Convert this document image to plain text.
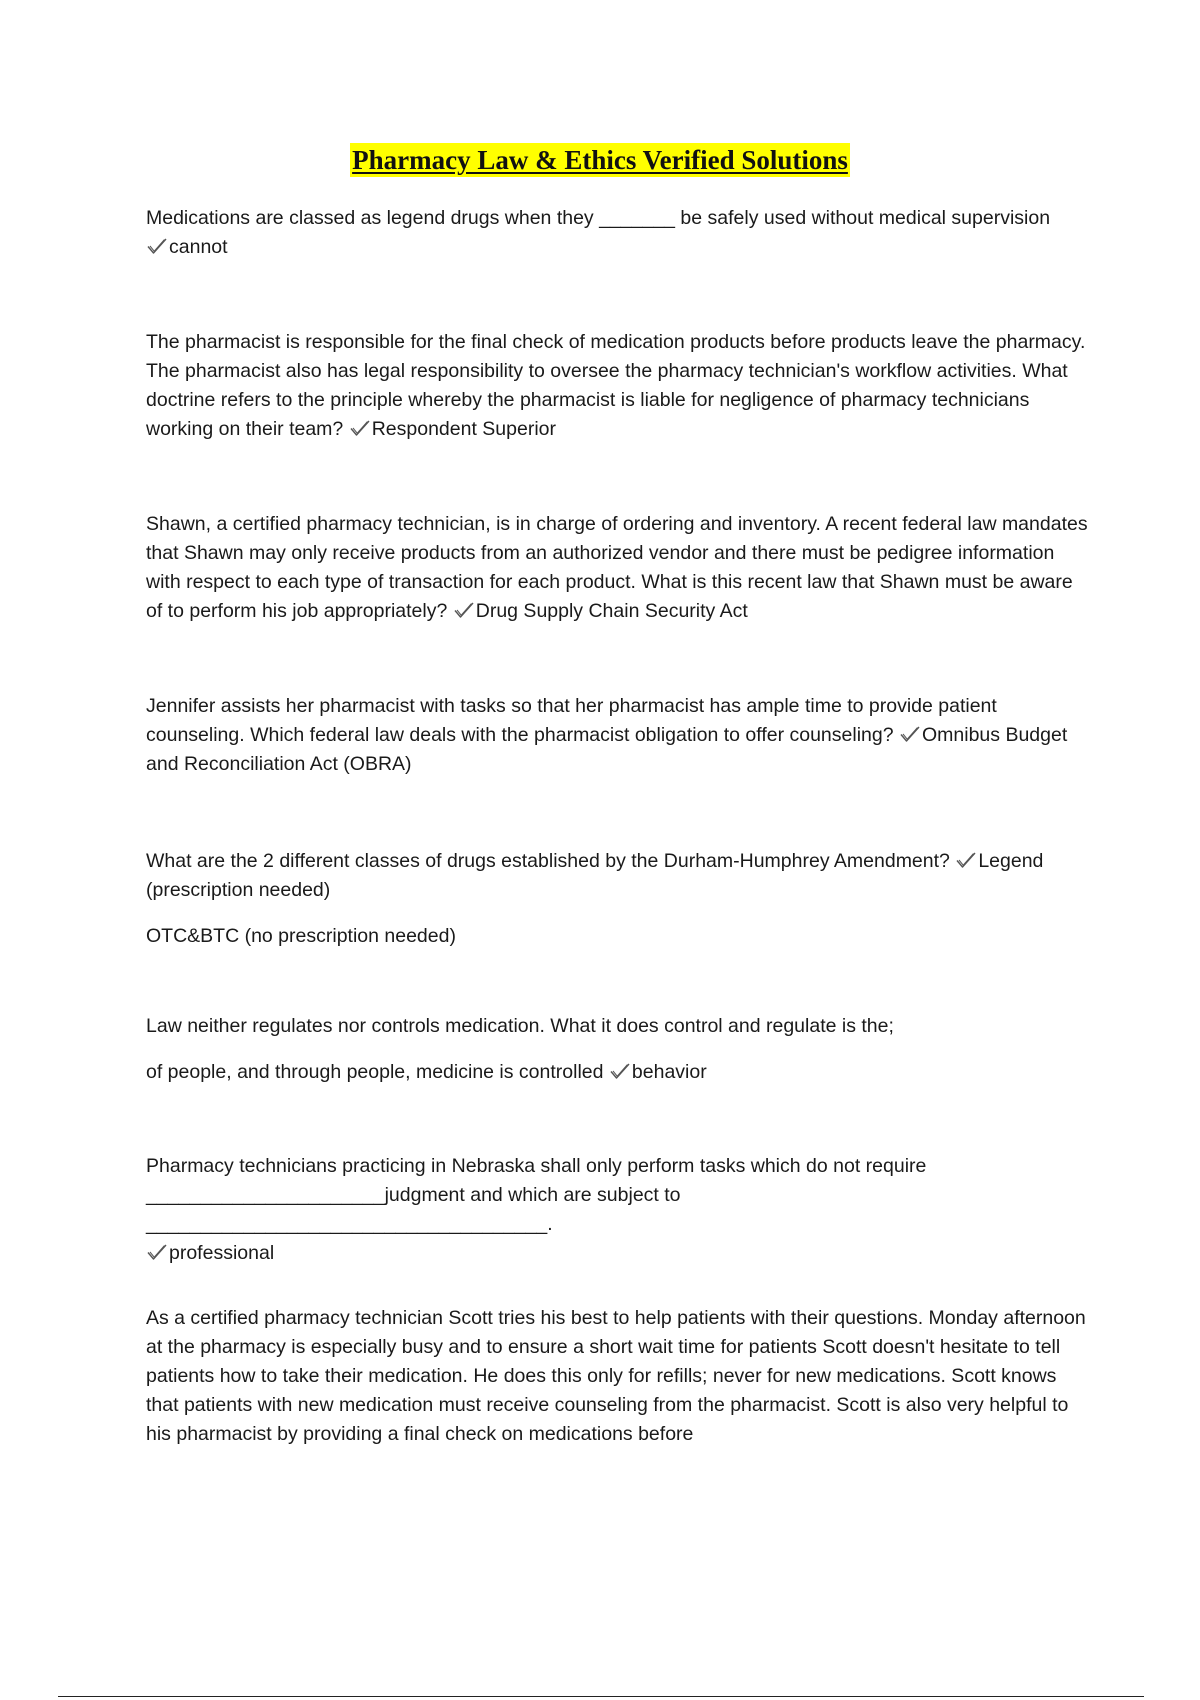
Pharmacy Law & Ethics Verified Solutions

Medications are classed as legend drugs when they _______ be safely used without medical supervision

cannot

The pharmacist is responsible for the final check of medication products before products leave the pharmacy. The pharmacist also has legal responsibility to oversee the pharmacy technician's workflow activities. What doctrine refers to the principle whereby the pharmacist is liable for negligence of pharmacy technicians working on their team? Respondent Superior

Shawn, a certified pharmacy technician, is in charge of ordering and inventory. A recent federal law mandates that Shawn may only receive products from an authorized vendor and there must be pedigree information with respect to each type of transaction for each product. What is this recent law that Shawn must be aware of to perform his job appropriately? Drug Supply Chain Security Act

Jennifer assists her pharmacist with tasks so that her pharmacist has ample time to provide patient counseling. Which federal law deals with the pharmacist obligation to offer counseling? Omnibus Budget and Reconciliation Act (OBRA)

What are the 2 different classes of drugs established by the Durham-Humphrey Amendment? Legend (prescription needed)

OTC&BTC (no prescription needed)

Law neither regulates nor controls medication. What it does control and regulate is the;

of people, and through people, medicine is controlled behavior

Pharmacy technicians practicing in Nebraska shall only perform tasks which do not require ______________________judgment and which are subject to _____________________________________.

professional

As a certified pharmacy technician Scott tries his best to help patients with their questions. Monday afternoon at the pharmacy is especially busy and to ensure a short wait time for patients Scott doesn't hesitate to tell patients how to take their medication. He does this only for refills; never for new medications. Scott knows that patients with new medication must receive counseling from the pharmacist. Scott is also very helpful to his pharmacist by providing a final check on medications before
